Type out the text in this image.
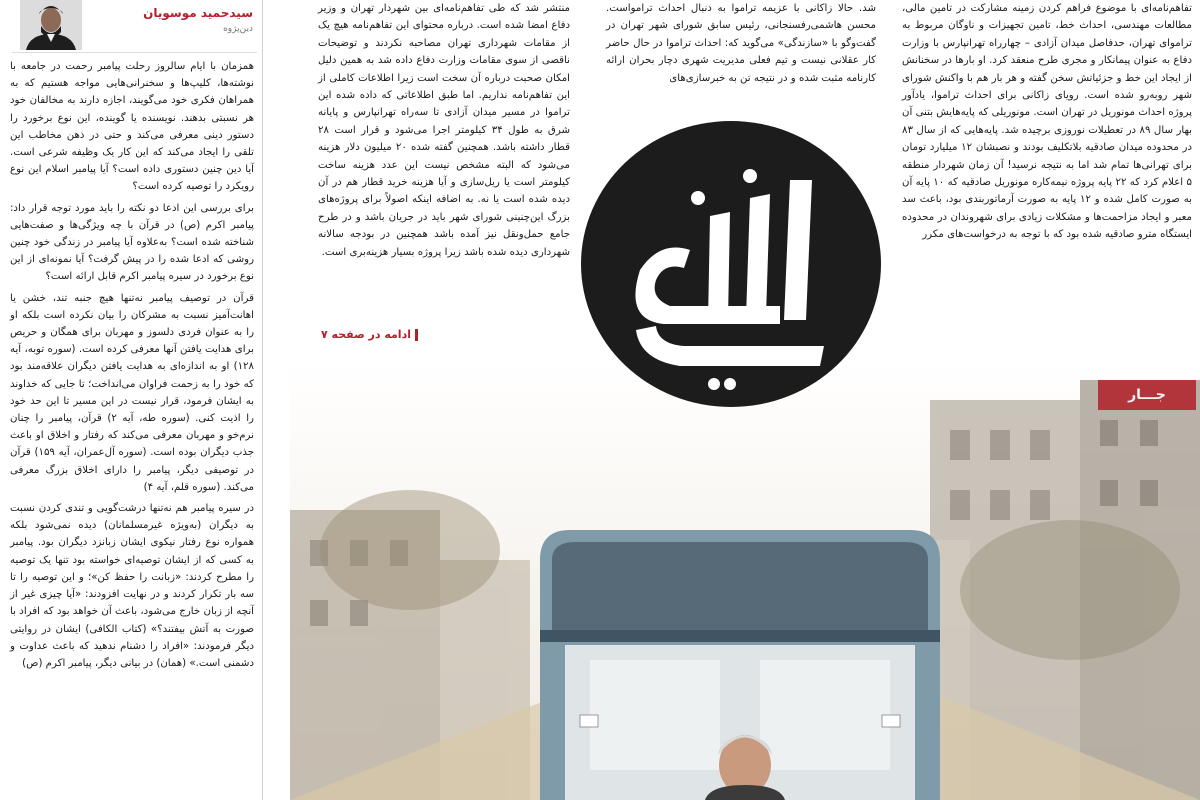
سیدحمید موسویان
دین‌پژوه

همزمان با ایام سالروز رحلت پیامبر رحمت در جامعه با نوشته‌ها، کلیپ‌ها و سخنرانی‌هایی مواجه هستیم که به همراهان فکری خود می‌گویند، اجازه دارند به مخالفان خود هر نسبتی بدهند. نویسنده یا گوینده، این نوع برخورد را دستور دینی معرفی می‌کند و حتی در ذهن مخاطب این تلقی را ایجاد می‌کند که این کار یک وظیفه شرعی است. آیا دین چنین دستوری داده است؟ آیا پیامبر اسلام این نوع رویکرد را توصیه کرده است؟

برای بررسی این ادعا دو نکته را باید مورد توجه قرار داد: پیامبر اکرم (ص) در قرآن با چه ویژگی‌ها و صفت‌هایی شناخته شده است؟ به‌علاوه آیا پیامبر در زندگی خود چنین روشی که ادعا شده را در پیش گرفت؟ آیا نمونه‌ای از این نوع برخورد در سیره پیامبر اکرم قابل ارائه است؟

قرآن در توصیف پیامبر نه‌تنها هیچ جنبه تند، خشن یا اهانت‌آمیز نسبت به مشرکان را بیان نکرده است بلکه او را به عنوان فردی دلسوز و مهربان برای همگان و حریص برای هدایت یافتن آنها معرفی کرده است. (سوره توبه، آیه ۱۲۸) او به اندازه‌ای به هدایت یافتن دیگران علاقه‌مند بود که خود را به زحمت فراوان می‌انداخت؛ تا جایی که خداوند به ایشان فرمود، قرار نیست در این مسیر تا این حد خود را اذیت کنی. (سوره طه، آیه ۲) قرآن، پیامبر را چنان نرم‌خو و مهربان معرفی می‌کند که رفتار و اخلاق او باعث جذب دیگران بوده است. (سوره آل‌عمران، آیه ۱۵۹) قرآن در توصیفی دیگر، پیامبر را دارای اخلاق بزرگ معرفی می‌کند. (سوره قلم، آیه ۴)

در سیره پیامبر هم نه‌تنها درشت‌گویی و تندی کردن نسبت به دیگران (به‌ویژه غیرمسلمانان) دیده نمی‌شود بلکه همواره نوع رفتار نیکوی ایشان زبانزد دیگران بود. پیامبر به کسی که از ایشان توصیه‌ای خواسته بود تنها یک توصیه را مطرح کردند: «زبانت را حفظ کن»؛ و این توصیه را تا سه بار تکرار کردند و در نهایت افزودند: «آیا چیزی غیر از آنچه از زبان خارج می‌شود، باعث آن خواهد بود که افراد با صورت به آتش بیفتند؟» (کتاب الکافی) ایشان در روایتی دیگر فرمودند: «افراد را دشنام ندهید که باعث عداوت و دشمنی است.» (همان) در بیانی دیگر، پیامبر اکرم (ص)

تفاهم‌نامه‌ای با موضوع فراهم کردن زمینه مشارکت در تامین مالی، مطالعات مهندسی، احداث خط، تامین تجهیزات و ناوگان مربوط به تراموای تهران، حدفاصل میدان آزادی – چهارراه تهرانپارس با وزارت دفاع به عنوان پیمانکار و مجری طرح منعقد کرد. او بارها در سخنانش از ایجاد این خط و جزئیاتش سخن گفته و هر بار هم با واکنش شورای شهر روبه‌رو شده است. رویای زاکانی برای احداث تراموا، یادآور پروژه احداث مونوریل در تهران است. مونوریلی که پایه‌هایش بتنی آن بهار سال ۸۹ در تعطیلات نوروزی برچیده شد. پایه‌هایی که از سال ۸۳ در محدوده میدان صادقیه بلاتکلیف بودند و نصبشان ۱۲ میلیارد تومان برای تهرانی‌ها تمام شد اما به نتیجه نرسید! آن زمان شهردار منطقه ۵ اعلام کرد که ۲۲ پایه پروژه نیمه‌کاره مونوریل صادقیه که ۱۰ پایه آن به صورت کامل شده و ۱۲ پایه به صورت آرماتوربندی بود، باعث سد معبر و ایجاد مزاحمت‌ها و مشکلات زیادی برای شهروندان در محدوده ایستگاه مترو صادقیه شده بود که با توجه به درخواست‌های مکرر

شد. حالا زاکانی با عزیمه تراموا به دنبال احداث ترامواست. محسن هاشمی‌رفسنجانی، رئیس سابق شورای شهر تهران در گفت‌وگو با «سازندگی» می‌گوید که: احداث تراموا در حال حاضر کار عقلانی نیست و تیم فعلی مدیریت شهری دچار بحران ارائه کارنامه مثبت شده و در نتیجه تن به خبرسازی‌های

منتشر شد که طی تفاهم‌نامه‌ای بین شهردار تهران و وزیر دفاع امضا شده است. درباره محتوای این تفاهم‌نامه هیچ یک از مقامات شهرداری تهران مصاحبه نکردند و توضیحات ناقصی از سوی مقامات وزارت دفاع داده شد به همین دلیل امکان صحبت درباره آن سخت است زیرا اطلاعات کاملی از این تفاهم‌نامه نداریم. اما طبق اطلاعاتی که داده شده این تراموا در مسیر میدان آزادی تا سه‌راه تهرانپارس و پایانه شرق به طول ۳۴ کیلومتر اجرا می‌شود و قرار است ۲۸ قطار داشته باشد. همچنین گفته شده ۲۰ میلیون دلار هزینه می‌شود که البته مشخص نیست این عدد هزینه ساخت کیلومتر است یا ریل‌سازی و آیا هزینه خرید قطار هم در آن دیده شده است یا نه. به اضافه اینکه اصولاً برای پروژه‌های بزرگ این‌چنینی شورای شهر باید در جریان باشد و در طرح جامع حمل‌ونقل نیز آمده باشد همچنین در بودجه سالانه شهرداری دیده شده باشد زیرا پروژه بسیار هزینه‌بری است.

ادامه در صفحه ۷
جـــار
